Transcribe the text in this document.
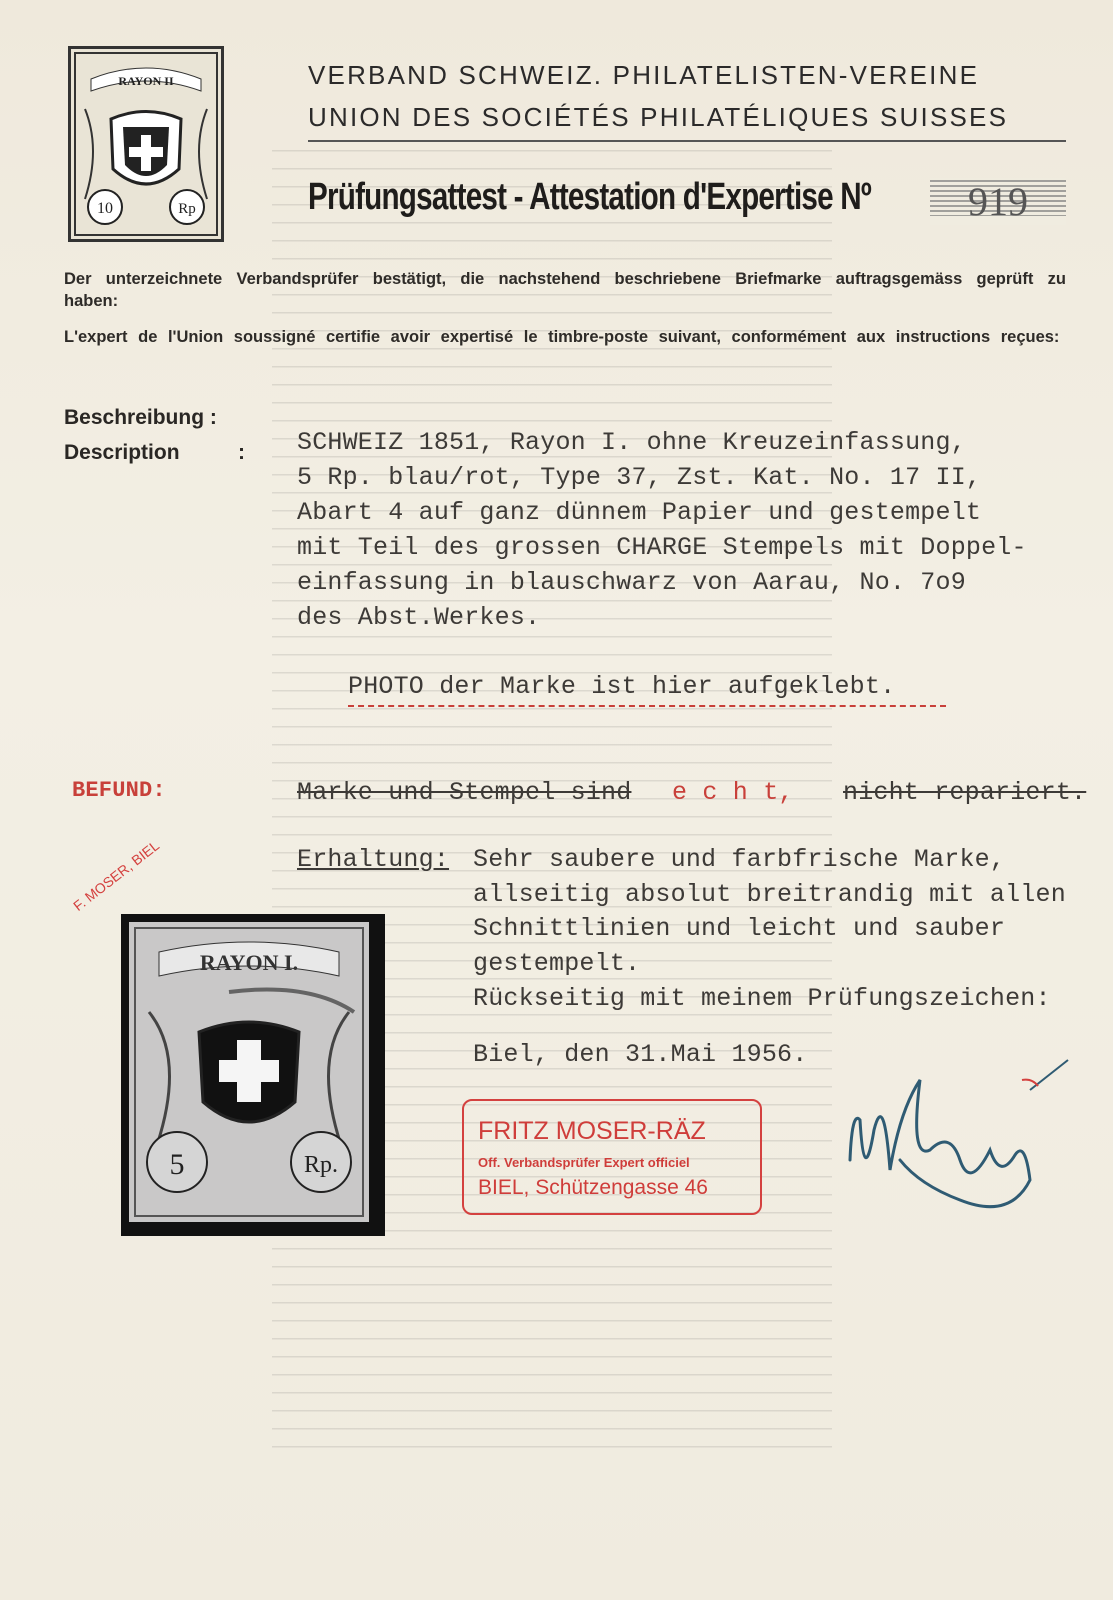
RAYON II
10	Rp
VERBAND SCHWEIZ. PHILATELISTEN-VEREINE
UNION DES SOCIÉTÉS PHILATÉLIQUES SUISSES
Prüfungsattest - Attestation d'Expertise Nº	919
Der unterzeichnete Verbandsprüfer bestätigt, die nachstehend beschriebene Briefmarke auftragsgemäss geprüft zu haben:
L'expert de l'Union soussigné certifie avoir expertisé le timbre-poste suivant, conformément aux instructions reçues:
Beschreibung :
Description	: SCHWEIZ 1851, Rayon I. ohne Kreuzeinfassung,
5 Rp. blau/rot, Type 37, Zst. Kat. No. 17 II,
Abart 4 auf ganz dünnem Papier und gestempelt
mit Teil des grossen CHARGE Stempels mit Doppel-
einfassung in blauschwarz von Aarau, No. 7o9
des Abst.Werkes.
PHOTO der Marke ist hier aufgeklebt.
BEFUND:	Marke und Stempel sind e c h t, nicht repariert.
Erhaltung: Sehr saubere und farbfrische Marke,
allseitig absolut breitrandig mit allen
Schnittlinien und leicht und sauber
gestempelt.
Rückseitig mit meinem Prüfungszeichen:
Biel, den 31.Mai 1956.
F. MOSER, BIEL
RAYON I.
5	Rp.
FRITZ MOSER-RÄZ
Off. Verbandsprüfer Expert officiel
BIEL, Schützengasse 46
